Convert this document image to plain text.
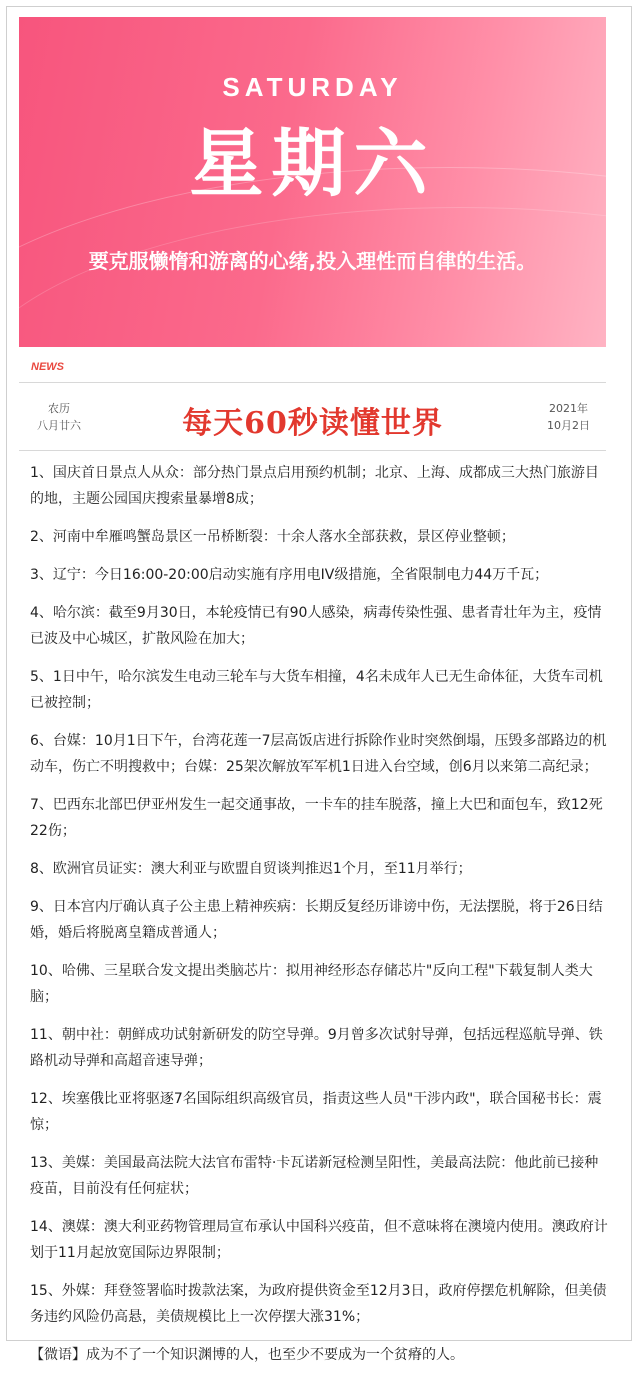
SATURDAY
星期六
要克服懒惰和游离的心绪,投入理性而自律的生活。
NEWS
农历
八月廿六	每天60秒读懂世界	2021年
10月2日

1、国庆首日景点人从众：部分热门景点启用预约机制；北京、上海、成都成三大热门旅游目的地，主题公园国庆搜索量暴增8成；

2、河南中牟雁鸣蟹岛景区一吊桥断裂：十余人落水全部获救，景区停业整顿；

3、辽宁：今日16:00-20:00启动实施有序用电IV级措施，全省限制电力44万千瓦；

4、哈尔滨：截至9月30日，本轮疫情已有90人感染，病毒传染性强、患者青壮年为主，疫情已波及中心城区，扩散风险在加大；

5、1日中午，哈尔滨发生电动三轮车与大货车相撞，4名未成年人已无生命体征，大货车司机已被控制；

6、台媒：10月1日下午，台湾花莲一7层高饭店进行拆除作业时突然倒塌，压毁多部路边的机动车，伤亡不明搜救中；台媒：25架次解放军军机1日进入台空域，创6月以来第二高纪录；

7、巴西东北部巴伊亚州发生一起交通事故，一卡车的挂车脱落，撞上大巴和面包车，致12死22伤；

8、欧洲官员证实：澳大利亚与欧盟自贸谈判推迟1个月，至11月举行；

9、日本宫内厅确认真子公主患上精神疾病：长期反复经历诽谤中伤，无法摆脱，将于26日结婚，婚后将脱离皇籍成普通人；

10、哈佛、三星联合发文提出类脑芯片：拟用神经形态存储芯片"反向工程"下载复制人类大脑；

11、朝中社：朝鲜成功试射新研发的防空导弹。9月曾多次试射导弹，包括远程巡航导弹、铁路机动导弹和高超音速导弹；

12、埃塞俄比亚将驱逐7名国际组织高级官员，指责这些人员"干涉内政"，联合国秘书长：震惊；

13、美媒：美国最高法院大法官布雷特·卡瓦诺新冠检测呈阳性，美最高法院：他此前已接种疫苗，目前没有任何症状；

14、澳媒：澳大利亚药物管理局宣布承认中国科兴疫苗，但不意味将在澳境内使用。澳政府计划于11月起放宽国际边界限制；

15、外媒：拜登签署临时拨款法案，为政府提供资金至12月3日，政府停摆危机解除，但美债务违约风险仍高悬，美债规模比上一次停摆大涨31%；

【微语】成为不了一个知识渊博的人，也至少不要成为一个贫瘠的人。
